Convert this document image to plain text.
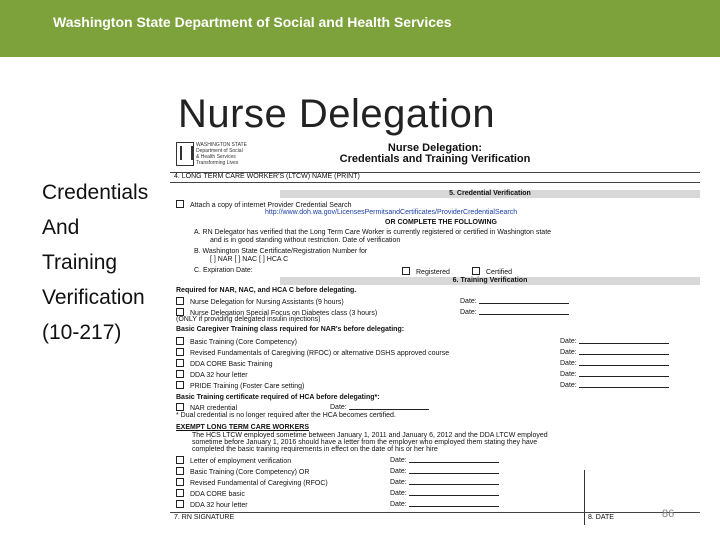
Washington State Department of Social and Health Services
Nurse Delegation
Credentials
And
Training
Verification
(10-217)
WASHINGTON STATE
Department of Social
& Health Services
Transforming Lives
Nurse Delegation:
Credentials and Training Verification
4. LONG TERM CARE WORKER'S (LTCW) NAME (PRINT)
5. Credential Verification
Attach a copy of internet Provider Credential Search
http://www.doh.wa.gov/LicensesPermitsandCertificates/ProviderCredentialSearch
OR COMPLETE THE FOLLOWING
A. RN Delegator has verified that the Long Term Care Worker is currently registered or certified in Washington state
and is in good standing without restriction. Date of verification
B. Washington State Certificate/Registration Number for
[ ] NAR [ ] NAC [ ] HCA C
C. Expiration Date:	Registered	Certified
6. Training Verification
Required for NAR, NAC, and HCA C before delegating.
Nurse Delegation for Nursing Assistants (9 hours)	Date:
Nurse Delegation Special Focus on Diabetes class (3 hours)	Date:
(ONLY if providing delegated insulin injections)
Basic Caregiver Training class required for NAR's before delegating:
Basic Training (Core Competency)	Date:
Revised Fundamentals of Caregiving (RFOC) or alternative DSHS approved course	Date:
DDA CORE Basic Training	Date:
DDA 32 hour letter	Date:
PRIDE Training (Foster Care setting)	Date:
Basic Training certificate required of HCA before delegating*:
NAR credential	Date:
* Dual credential is no longer required after the HCA becomes certified.
EXEMPT LONG TERM CARE WORKERS
The HCS LTCW employed sometime between January 1, 2011 and January 6, 2012 and the DDA LTCW employed
sometime before January 1, 2016 should have a letter from the employer who employed them stating they have
completed the basic training requirements in effect on the date of his or her hire
Letter of employment verification	Date:
Basic Training (Core Competency) OR	Date:
Revised Fundamental of Caregiving (RFOC)	Date:
DDA CORE basic	Date:
DDA 32 hour letter	Date:
7. RN SIGNATURE	8. DATE	86
